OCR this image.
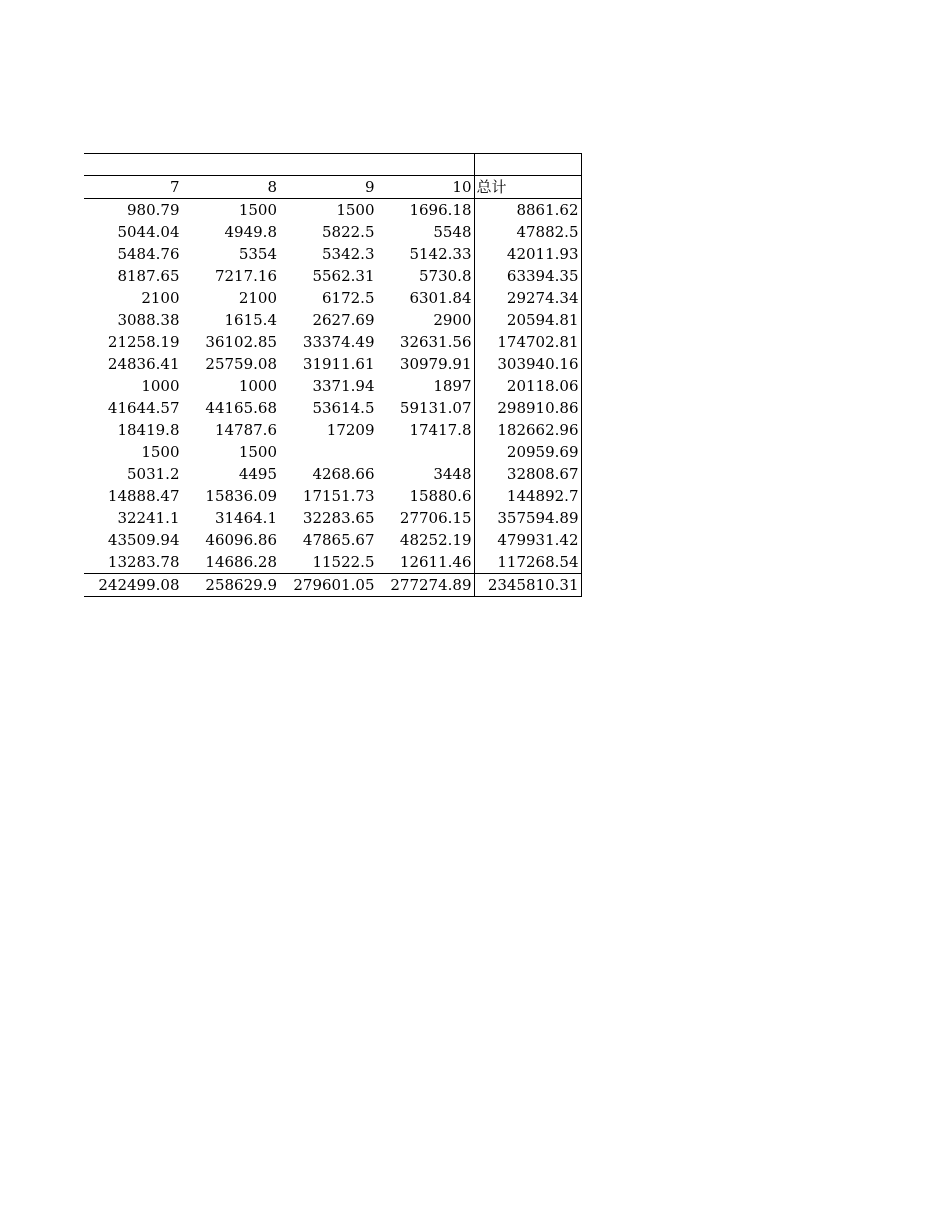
7	8	9	10	总计
980.79	1500	1500	1696.18	8861.62
5044.04	4949.8	5822.5	5548	47882.5
5484.76	5354	5342.3	5142.33	42011.93
8187.65	7217.16	5562.31	5730.8	63394.35
2100	2100	6172.5	6301.84	29274.34
3088.38	1615.4	2627.69	2900	20594.81
21258.19	36102.85	33374.49	32631.56	174702.81
24836.41	25759.08	31911.61	30979.91	303940.16
1000	1000	3371.94	1897	20118.06
41644.57	44165.68	53614.5	59131.07	298910.86
18419.8	14787.6	17209	17417.8	182662.96
1500	1500			20959.69
5031.2	4495	4268.66	3448	32808.67
14888.47	15836.09	17151.73	15880.6	144892.7
32241.1	31464.1	32283.65	27706.15	357594.89
43509.94	46096.86	47865.67	48252.19	479931.42
13283.78	14686.28	11522.5	12611.46	117268.54
242499.08	258629.9	279601.05	277274.89	2345810.31
